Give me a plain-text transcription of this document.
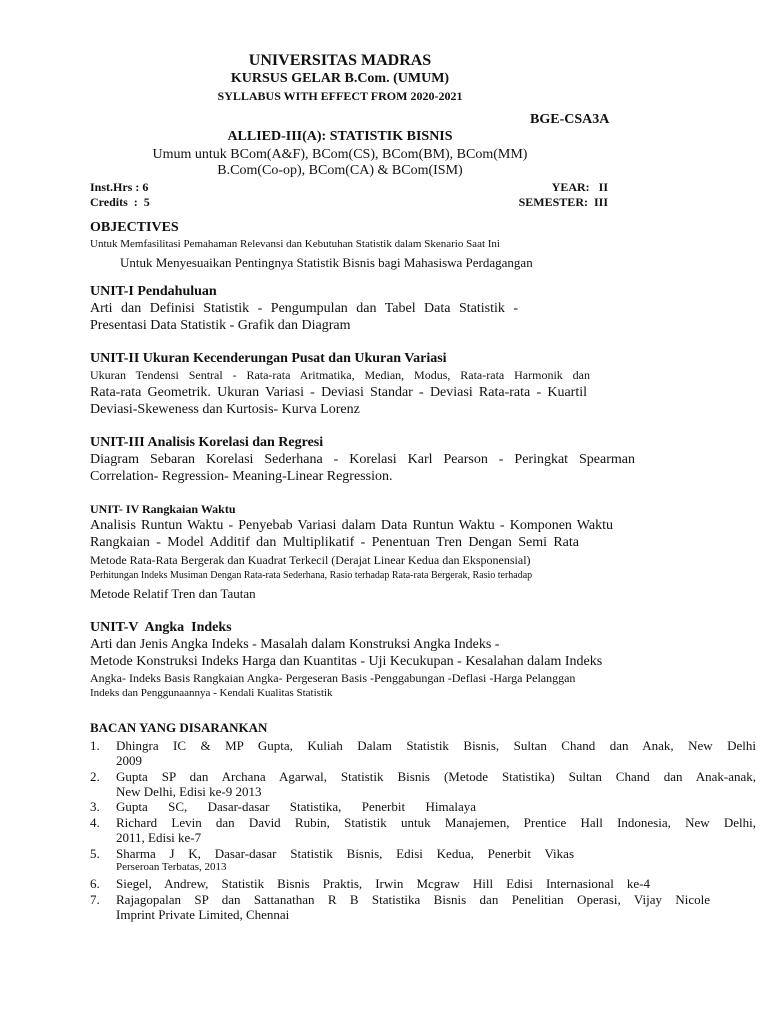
UNIVERSITAS MADRAS
KURSUS GELAR B.Com. (UMUM)
SYLLABUS WITH EFFECT FROM 2020-2021
BGE-CSA3A
ALLIED-III(A): STATISTIK BISNIS
Umum untuk BCom(A&F), BCom(CS), BCom(BM), BCom(MM)
B.Com(Co-op), BCom(CA) & BCom(ISM)
Inst.Hrs : 6
Credits  :  5
YEAR:   II
SEMESTER:  III
OBJECTIVES
Untuk Memfasilitasi Pemahaman Relevansi dan Kebutuhan Statistik dalam Skenario Saat Ini
Untuk Menyesuaikan Pentingnya Statistik Bisnis bagi Mahasiswa Perdagangan
UNIT-I Pendahuluan
Arti dan Definisi Statistik - Pengumpulan dan Tabel Data Statistik -
Presentasi Data Statistik - Grafik dan Diagram
UNIT-II Ukuran Kecenderungan Pusat dan Ukuran Variasi
Ukuran Tendensi Sentral - Rata-rata Aritmatika, Median, Modus, Rata-rata Harmonik dan
Rata-rata Geometrik. Ukuran Variasi - Deviasi Standar - Deviasi Rata-rata - Kuartil
Deviasi-Skeweness dan Kurtosis- Kurva Lorenz
UNIT-III Analisis Korelasi dan Regresi
Diagram Sebaran Korelasi Sederhana - Korelasi Karl Pearson - Peringkat Spearman
Correlation- Regression- Meaning-Linear Regression.
UNIT- IV Rangkaian Waktu
Analisis Runtun Waktu - Penyebab Variasi dalam Data Runtun Waktu - Komponen Waktu
Rangkaian - Model Additif dan Multiplikatif - Penentuan Tren Dengan Semi Rata
Metode Rata-Rata Bergerak dan Kuadrat Terkecil (Derajat Linear Kedua dan Eksponensial)
Perhitungan Indeks Musiman Dengan Rata-rata Sederhana, Rasio terhadap Rata-rata Bergerak, Rasio terhadap
Metode Relatif Tren dan Tautan
UNIT-V  Angka  Indeks
Arti dan Jenis Angka Indeks - Masalah dalam Konstruksi Angka Indeks -
Metode Konstruksi Indeks Harga dan Kuantitas - Uji Kecukupan - Kesalahan dalam Indeks
Angka- Indeks Basis Rangkaian Angka- Pergeseran Basis -Penggabungan -Deflasi -Harga Pelanggan
Indeks dan Penggunaannya - Kendali Kualitas Statistik
BACAN YANG DISARANKAN
1. Dhingra IC & MP Gupta, Kuliah Dalam Statistik Bisnis, Sultan Chand dan Anak, New Delhi
2009
2. Gupta SP dan Archana Agarwal, Statistik Bisnis (Metode Statistika) Sultan Chand dan Anak-anak,
New Delhi, Edisi ke-9 2013
3. Gupta SC, Dasar-dasar Statistika, Penerbit Himalaya
4. Richard Levin dan David Rubin, Statistik untuk Manajemen, Prentice Hall Indonesia, New Delhi,
2011, Edisi ke-7
5. Sharma J K, Dasar-dasar Statistik Bisnis, Edisi Kedua, Penerbit Vikas
Perseroan Terbatas, 2013
6. Siegel, Andrew, Statistik Bisnis Praktis, Irwin Mcgraw Hill Edisi Internasional ke-4
7. Rajagopalan SP dan Sattanathan R B Statistika Bisnis dan Penelitian Operasi, Vijay Nicole
Imprint Private Limited, Chennai
